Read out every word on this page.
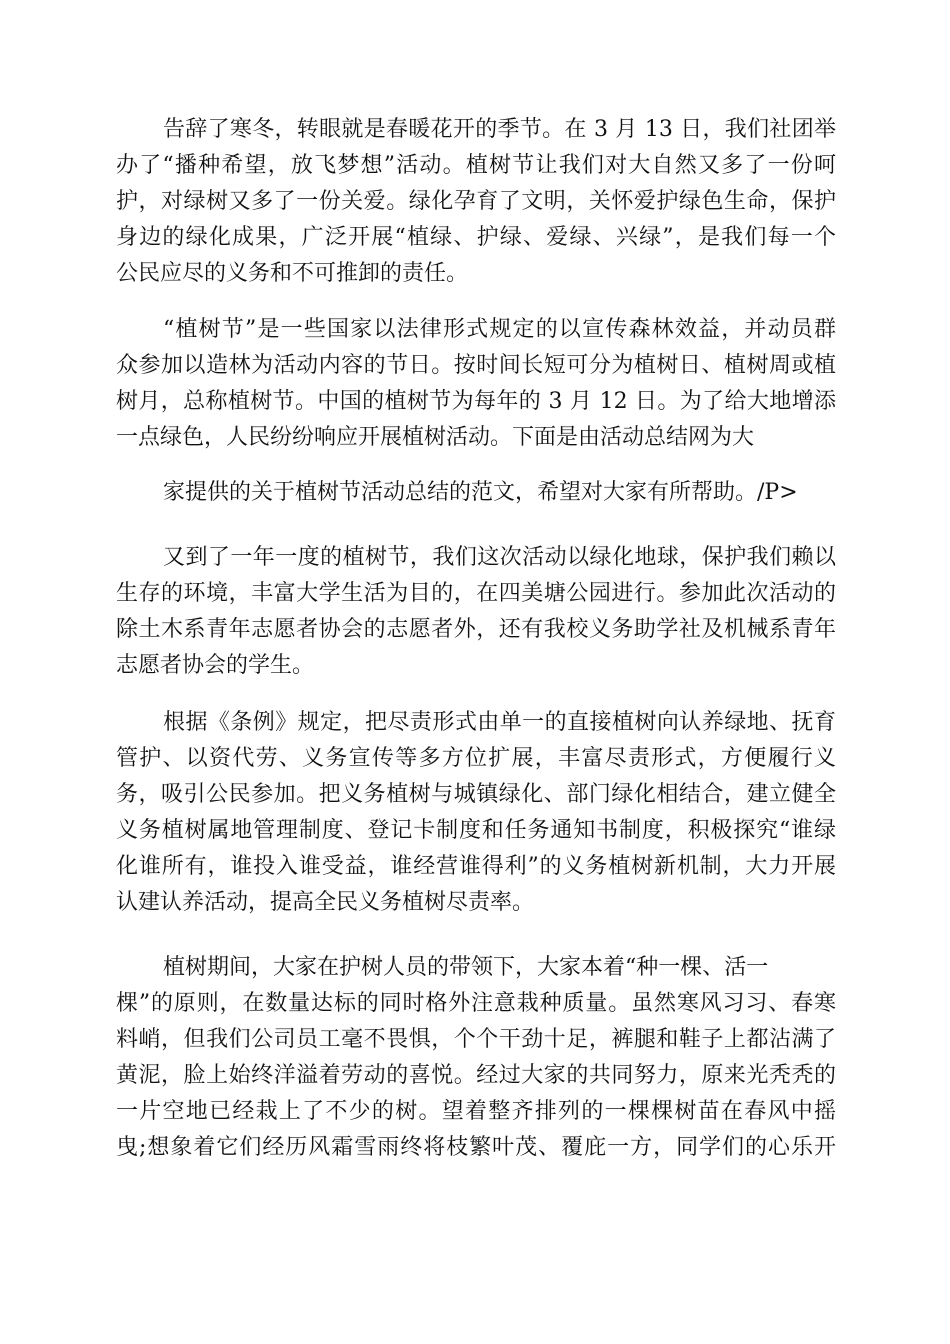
告辞了寒冬，转眼就是春暖花开的季节。在 3 月 13 日，我们社团举
办了“播种希望，放飞梦想”活动。植树节让我们对大自然又多了一份呵
护，对绿树又多了一份关爱。绿化孕育了文明，关怀爱护绿色生命，保护
身边的绿化成果，广泛开展“植绿、护绿、爱绿、兴绿”，是我们每一个
公民应尽的义务和不可推卸的责任。
“植树节”是一些国家以法律形式规定的以宣传森林效益，并动员群
众参加以造林为活动内容的节日。按时间长短可分为植树日、植树周或植
树月，总称植树节。中国的植树节为每年的 3 月 12 日。为了给大地增添
一点绿色，人民纷纷响应开展植树活动。下面是由活动总结网为大
家提供的关于植树节活动总结的范文，希望对大家有所帮助。/P>
又到了一年一度的植树节，我们这次活动以绿化地球，保护我们赖以
生存的环境，丰富大学生活为目的，在四美塘公园进行。参加此次活动的
除土木系青年志愿者协会的志愿者外，还有我校义务助学社及机械系青年
志愿者协会的学生。
根据《条例》规定，把尽责形式由单一的直接植树向认养绿地、抚育
管护、以资代劳、义务宣传等多方位扩展，丰富尽责形式，方便履行义
务，吸引公民参加。把义务植树与城镇绿化、部门绿化相结合，建立健全
义务植树属地管理制度、登记卡制度和任务通知书制度，积极探究“谁绿
化谁所有，谁投入谁受益，谁经营谁得利”的义务植树新机制，大力开展
认建认养活动，提高全民义务植树尽责率。
植树期间，大家在护树人员的带领下，大家本着“种一棵、活一
棵”的原则，在数量达标的同时格外注意栽种质量。虽然寒风习习、春寒
料峭，但我们公司员工毫不畏惧，个个干劲十足，裤腿和鞋子上都沾满了
黄泥，脸上始终洋溢着劳动的喜悦。经过大家的共同努力，原来光秃秃的
一片空地已经栽上了不少的树。望着整齐排列的一棵棵树苗在春风中摇
曳;想象着它们经历风霜雪雨终将枝繁叶茂、覆庇一方，同学们的心乐开
